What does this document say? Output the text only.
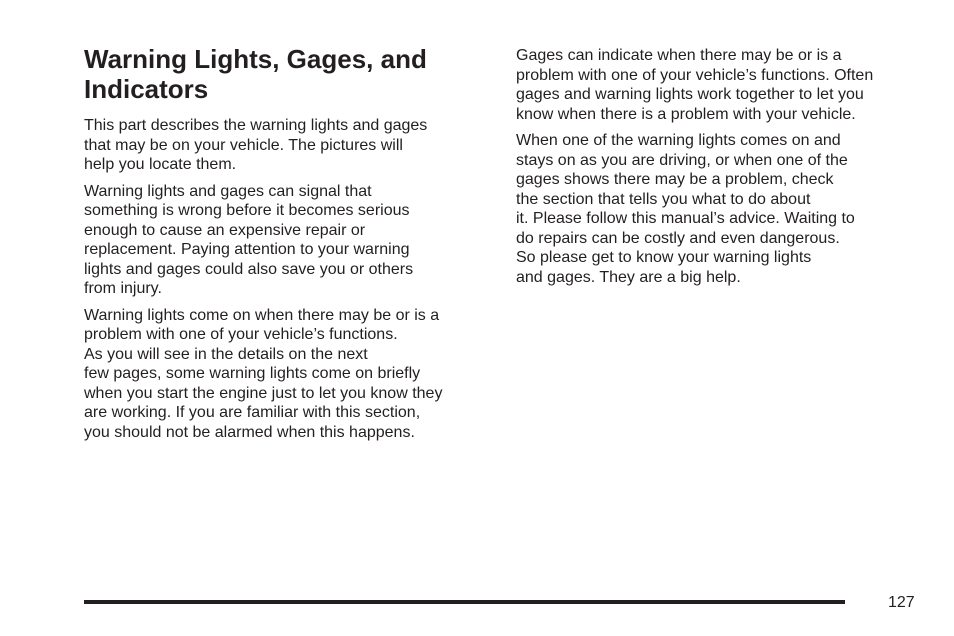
Warning Lights, Gages, and
Indicators

This part describes the warning lights and gages
that may be on your vehicle. The pictures will
help you locate them.

Warning lights and gages can signal that
something is wrong before it becomes serious
enough to cause an expensive repair or
replacement. Paying attention to your warning
lights and gages could also save you or others
from injury.

Warning lights come on when there may be or is a
problem with one of your vehicle’s functions.
As you will see in the details on the next
few pages, some warning lights come on briefly
when you start the engine just to let you know they
are working. If you are familiar with this section,
you should not be alarmed when this happens.

Gages can indicate when there may be or is a
problem with one of your vehicle’s functions. Often
gages and warning lights work together to let you
know when there is a problem with your vehicle.

When one of the warning lights comes on and
stays on as you are driving, or when one of the
gages shows there may be a problem, check
the section that tells you what to do about
it. Please follow this manual’s advice. Waiting to
do repairs can be costly and even dangerous.
So please get to know your warning lights
and gages. They are a big help.

127
